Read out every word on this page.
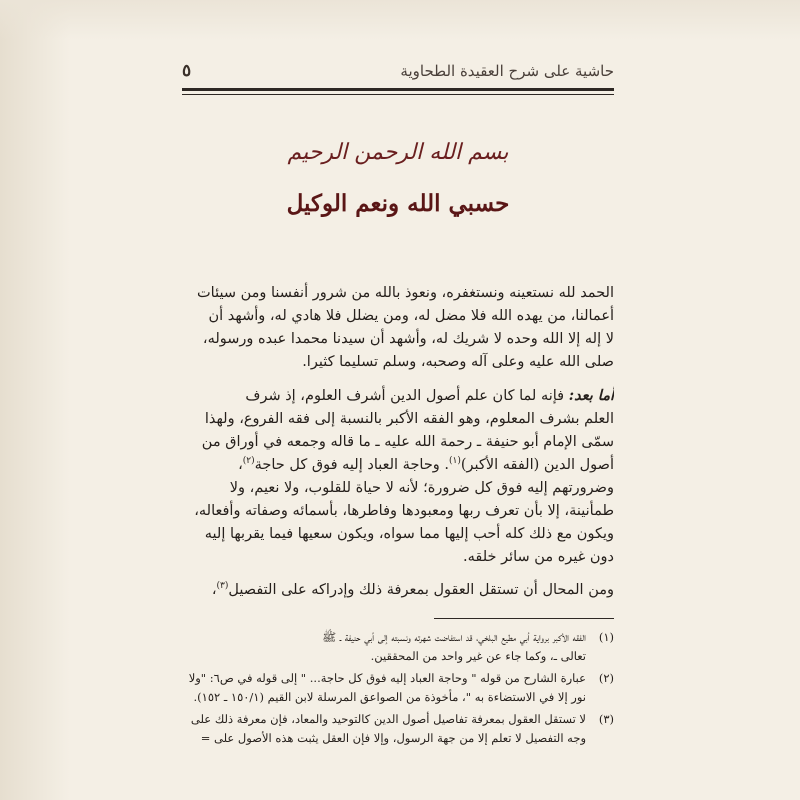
حاشية على شرح العقيدة الطحاوية
٥
بسم الله الرحمن الرحيم
حسبي الله ونعم الوكيل

الحمد لله نستعينه ونستغفره، ونعوذ بالله من شرور أنفسنا ومن سيئات
أعمالنا، من يهده الله فلا مضل له، ومن يضلل فلا هادي له، وأشهد أن
لا إله إلا الله وحده لا شريك له، وأشهد أن سيدنا محمدا عبده ورسوله،
صلى الله عليه وعلى آله وصحبه، وسلم تسليما كثيرا.

أما بعد: فإنه لما كان علم أصول الدين أشرف العلوم، إذ شرف
العلم بشرف المعلوم، وهو الفقه الأكبر بالنسبة إلى فقه الفروع، ولهذا
سمّى الإمام أبو حنيفة ـ رحمة الله عليه ـ ما قاله وجمعه في أوراق من
أصول الدين (الفقه الأكبر)$^{(١)}$. وحاجة العباد إليه فوق كل حاجة$^{(٢)}$،
وضرورتهم إليه فوق كل ضرورة؛ لأنه لا حياة للقلوب، ولا نعيم، ولا
طمأنينة، إلا بأن تعرف ربها ومعبودها وفاطرها، بأسمائه وصفاته وأفعاله،
ويكون مع ذلك كله أحب إليها مما سواه، ويكون سعيها فيما يقربها إليه
دون غيره من سائر خلقه.

ومن المحال أن تستقل العقول بمعرفة ذلك وإدراكه على التفصيل$^{(٣)}$،

(١)
الفقه الأكبر برواية أبي مطيع البلخي، قد استفاضت شهرته ونسبته إلى أبي حنيفة ـ ﷺ
تعالى ـ، وكما جاء عن غير واحد من المحققين.
(٢)
عبارة الشارح من قوله " وحاجة العباد إليه فوق كل حاجة... " إلى قوله في ص٦: "ولا
نور إلا في الاستضاءة به "، مأخوذة من الصواعق المرسلة لابن القيم (١٥٠/١ ـ ١٥٢).
(٣)
لا تستقل العقول بمعرفة تفاصيل أصول الدين كالتوحيد والمعاد، فإن معرفة ذلك على
وجه التفصيل لا تعلم إلا من جهة الرسول، وإلا فإن العقل يثبت هذه الأصول على =
